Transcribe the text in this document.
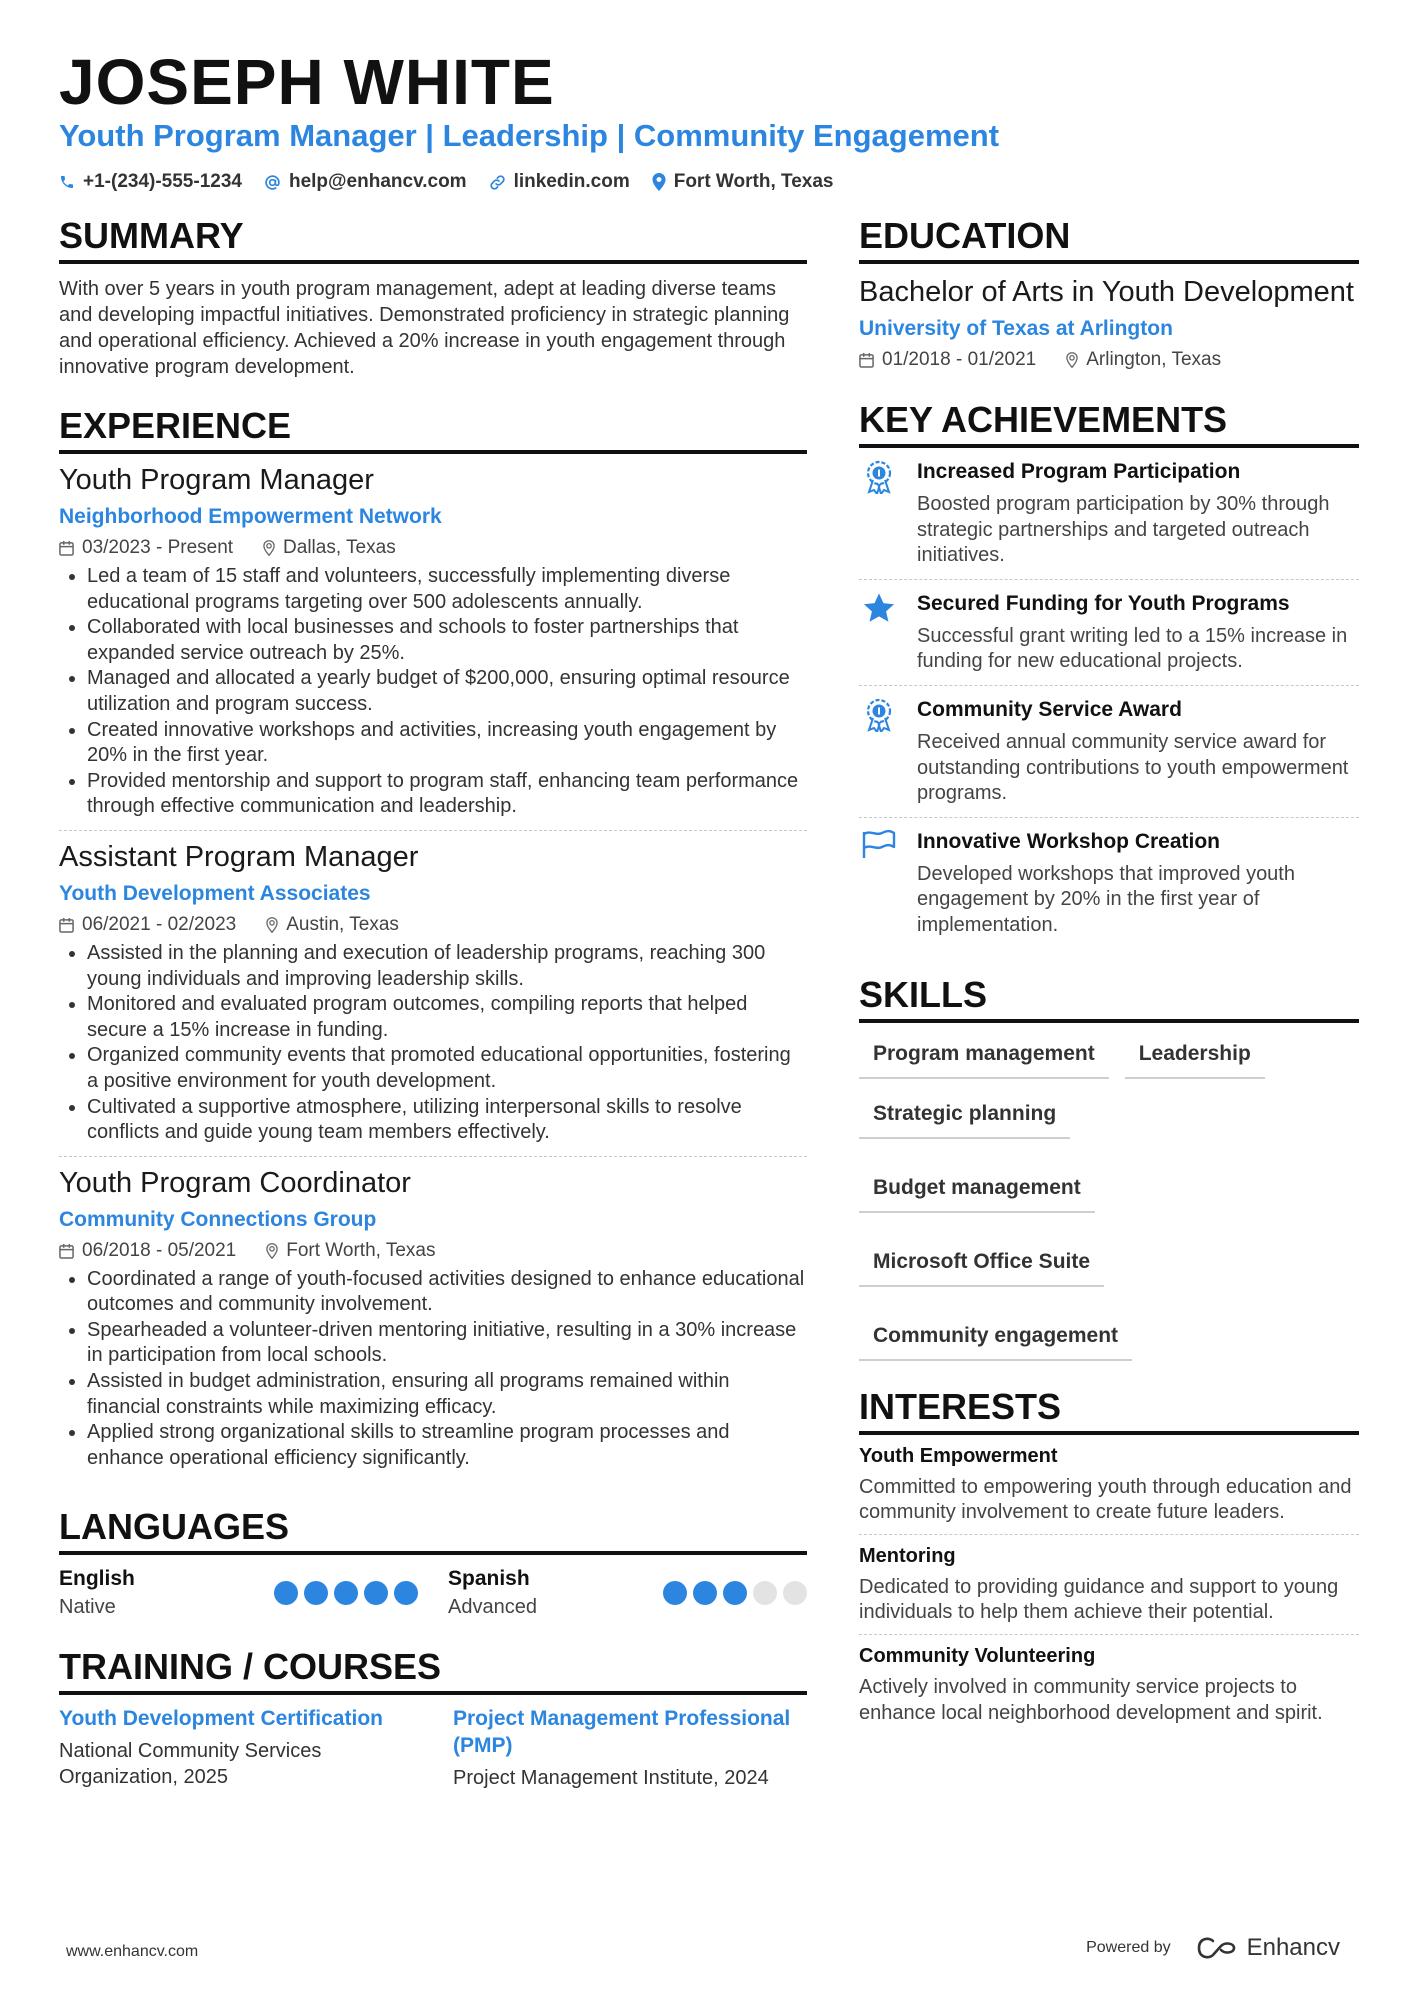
JOSEPH WHITE
Youth Program Manager | Leadership | Community Engagement
+1-(234)-555-1234 help@enhancv.com linkedin.com Fort Worth, Texas
SUMMARY
With over 5 years in youth program management, adept at leading diverse teams and developing impactful initiatives. Demonstrated proficiency in strategic planning and operational efficiency. Achieved a 20% increase in youth engagement through innovative program development.
EXPERIENCE
Youth Program Manager
Neighborhood Empowerment Network
03/2023 - Present	Dallas, Texas
• Led a team of 15 staff and volunteers, successfully implementing diverse educational programs targeting over 500 adolescents annually.
• Collaborated with local businesses and schools to foster partnerships that expanded service outreach by 25%.
• Managed and allocated a yearly budget of $200,000, ensuring optimal resource utilization and program success.
• Created innovative workshops and activities, increasing youth engagement by 20% in the first year.
• Provided mentorship and support to program staff, enhancing team performance through effective communication and leadership.
Assistant Program Manager
Youth Development Associates
06/2021 - 02/2023	Austin, Texas
• Assisted in the planning and execution of leadership programs, reaching 300 young individuals and improving leadership skills.
• Monitored and evaluated program outcomes, compiling reports that helped secure a 15% increase in funding.
• Organized community events that promoted educational opportunities, fostering a positive environment for youth development.
• Cultivated a supportive atmosphere, utilizing interpersonal skills to resolve conflicts and guide young team members effectively.
Youth Program Coordinator
Community Connections Group
06/2018 - 05/2021	Fort Worth, Texas
• Coordinated a range of youth-focused activities designed to enhance educational outcomes and community involvement.
• Spearheaded a volunteer-driven mentoring initiative, resulting in a 30% increase in participation from local schools.
• Assisted in budget administration, ensuring all programs remained within financial constraints while maximizing efficacy.
• Applied strong organizational skills to streamline program processes and enhance operational efficiency significantly.
LANGUAGES
English
Native
Spanish
Advanced
TRAINING / COURSES
Youth Development Certification
National Community Services Organization, 2025
Project Management Professional (PMP)
Project Management Institute, 2024
EDUCATION
Bachelor of Arts in Youth Development
University of Texas at Arlington
01/2018 - 01/2021	Arlington, Texas
KEY ACHIEVEMENTS
Increased Program Participation
Boosted program participation by 30% through strategic partnerships and targeted outreach initiatives.
Secured Funding for Youth Programs
Successful grant writing led to a 15% increase in funding for new educational projects.
Community Service Award
Received annual community service award for outstanding contributions to youth empowerment programs.
Innovative Workshop Creation
Developed workshops that improved youth engagement by 20% in the first year of implementation.
SKILLS
Program management	Leadership
Strategic planning
Budget management
Microsoft Office Suite
Community engagement
INTERESTS
Youth Empowerment
Committed to empowering youth through education and community involvement to create future leaders.
Mentoring
Dedicated to providing guidance and support to young individuals to help them achieve their potential.
Community Volunteering
Actively involved in community service projects to enhance local neighborhood development and spirit.
www.enhancv.com	Powered by	Enhancv
